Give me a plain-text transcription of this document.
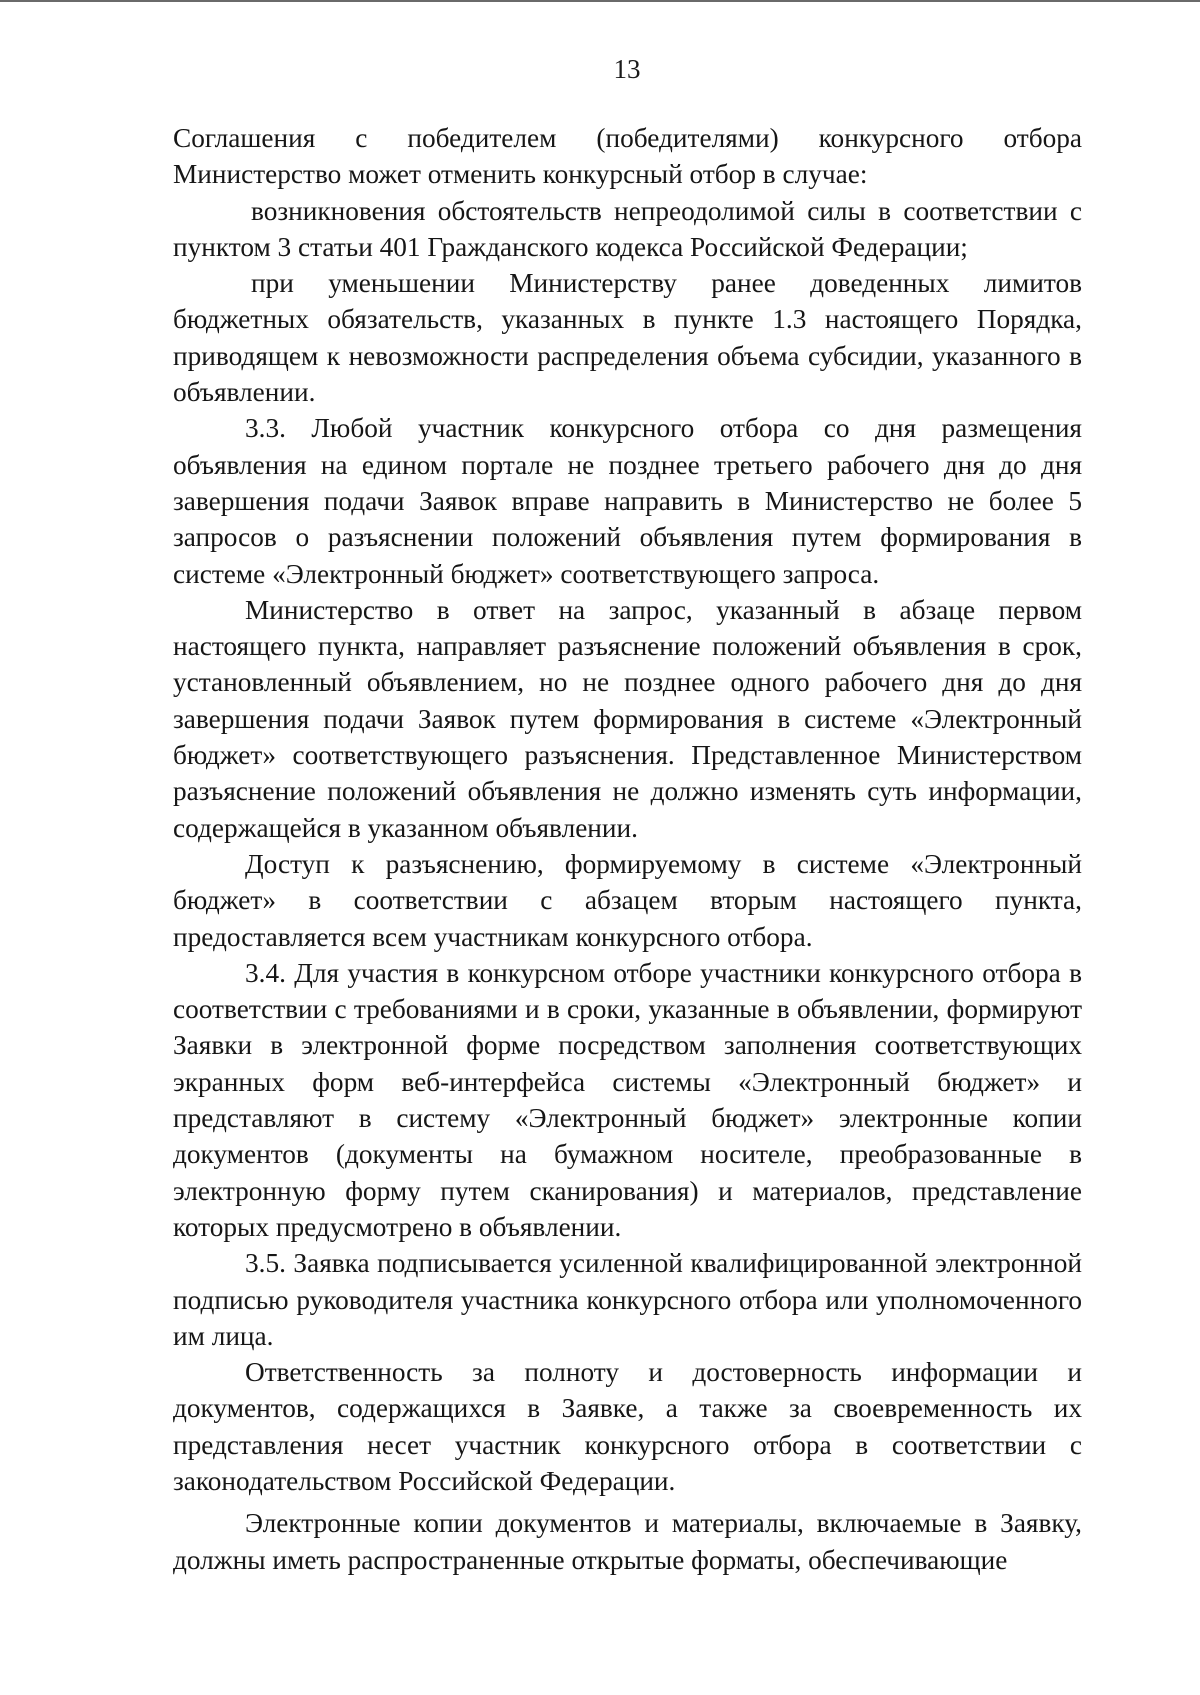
13

Соглашения с победителем (победителями) конкурсного отбора Министерство может отменить конкурсный отбор в случае:

возникновения обстоятельств непреодолимой силы в соответствии с пунктом 3 статьи 401 Гражданского кодекса Российской Федерации;

при уменьшении Министерству ранее доведенных лимитов бюджетных обязательств, указанных в пункте 1.3 настоящего Порядка, приводящем к невозможности распределения объема субсидии, указанного в объявлении.

3.3. Любой участник конкурсного отбора со дня размещения объявления на едином портале не позднее третьего рабочего дня до дня завершения подачи Заявок вправе направить в Министерство не более 5 запросов о разъяснении положений объявления путем формирования в системе «Электронный бюджет» соответствующего запроса.

Министерство в ответ на запрос, указанный в абзаце первом настоящего пункта, направляет разъяснение положений объявления в срок, установленный объявлением, но не позднее одного рабочего дня до дня завершения подачи Заявок путем формирования в системе «Электронный бюджет» соответствующего разъяснения. Представленное Министерством разъяснение положений объявления не должно изменять суть информации, содержащейся в указанном объявлении.

Доступ к разъяснению, формируемому в системе «Электронный бюджет» в соответствии с абзацем вторым настоящего пункта, предоставляется всем участникам конкурсного отбора.

3.4. Для участия в конкурсном отборе участники конкурсного отбора в соответствии с требованиями и в сроки, указанные в объявлении, формируют Заявки в электронной форме посредством заполнения соответствующих экранных форм веб-интерфейса системы «Электронный бюджет» и представляют в систему «Электронный бюджет» электронные копии документов (документы на бумажном носителе, преобразованные в электронную форму путем сканирования) и материалов, представление которых предусмотрено в объявлении.

3.5. Заявка подписывается усиленной квалифицированной электронной подписью руководителя участника конкурсного отбора или уполномоченного им лица.

Ответственность за полноту и достоверность информации и документов, содержащихся в Заявке, а также за своевременность их представления несет участник конкурсного отбора в соответствии с законодательством Российской Федерации.

Электронные копии документов и материалы, включаемые в Заявку, должны иметь распространенные открытые форматы, обеспечивающие
